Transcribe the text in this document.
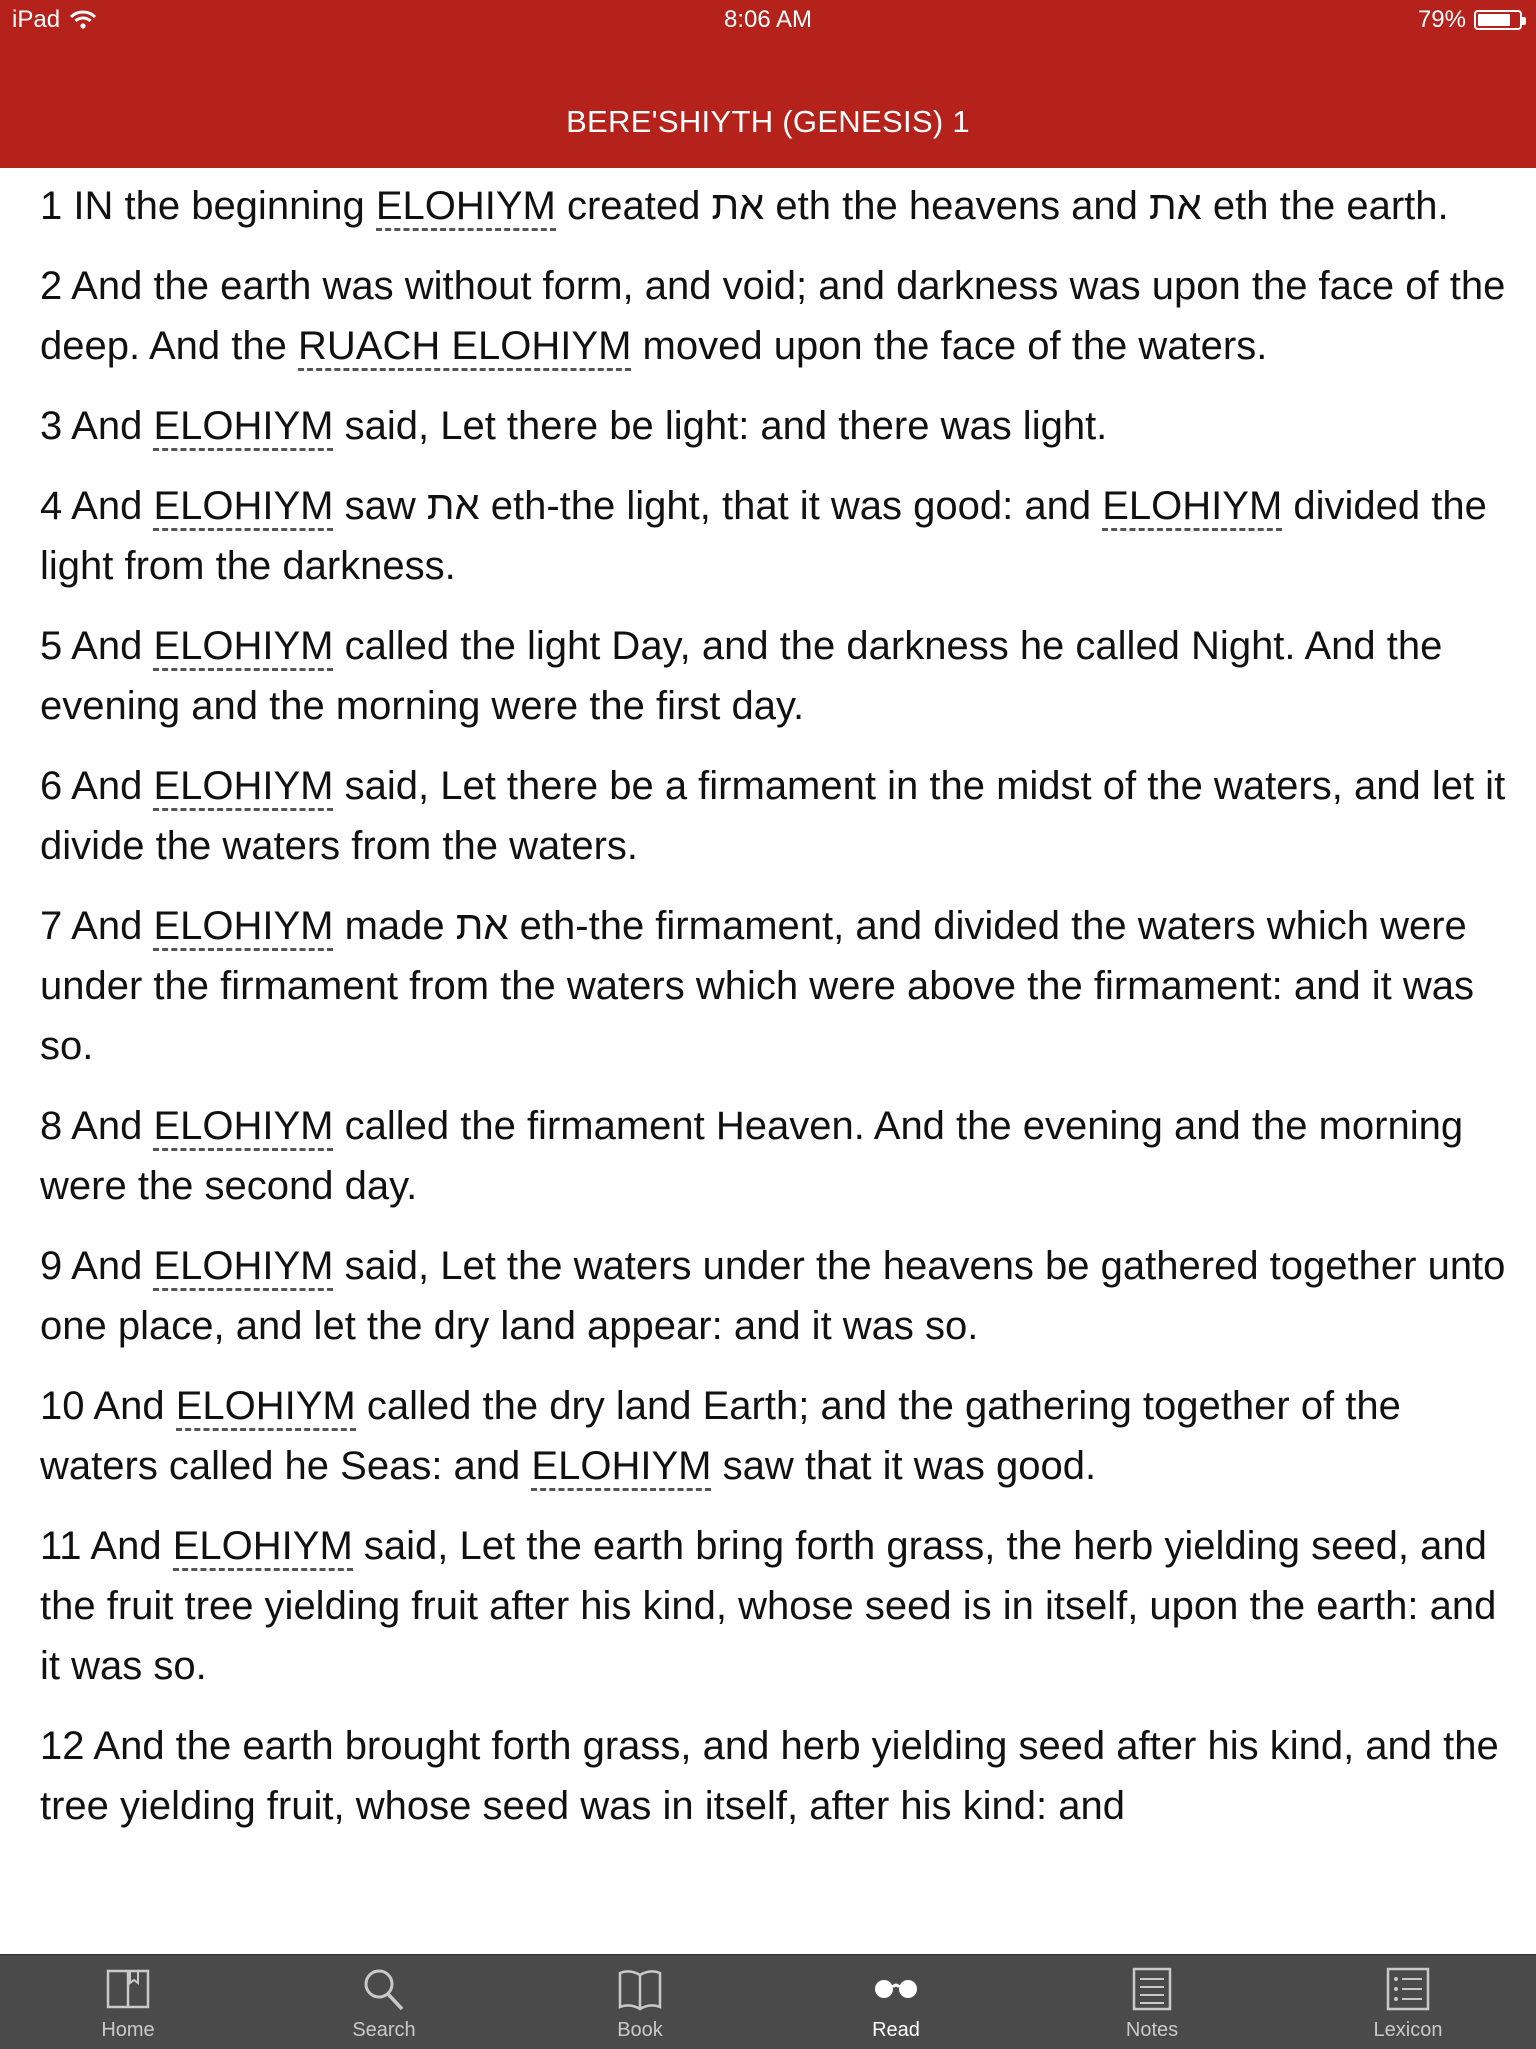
iPad	8:06 AM	79%
BERE'SHIYTH (GENESIS) 1

1 IN the beginning ELOHIYM created את eth the heavens and את eth the earth.

2 And the earth was without form, and void; and darkness was upon the face of the deep. And the RUACH ELOHIYM moved upon the face of the waters.

3 And ELOHIYM said, Let there be light: and there was light.

4 And ELOHIYM saw את eth-the light, that it was good: and ELOHIYM divided the light from the darkness.

5 And ELOHIYM called the light Day, and the darkness he called Night. And the evening and the morning were the first day.

6 And ELOHIYM said, Let there be a firmament in the midst of the waters, and let it divide the waters from the waters.

7 And ELOHIYM made את eth-the firmament, and divided the waters which were under the firmament from the waters which were above the firmament: and it was so.

8 And ELOHIYM called the firmament Heaven. And the evening and the morning were the second day.

9 And ELOHIYM said, Let the waters under the heavens be gathered together unto one place, and let the dry land appear: and it was so.

10 And ELOHIYM called the dry land Earth; and the gathering together of the waters called he Seas: and ELOHIYM saw that it was good.

11 And ELOHIYM said, Let the earth bring forth grass, the herb yielding seed, and the fruit tree yielding fruit after his kind, whose seed is in itself, upon the earth: and it was so.

12 And the earth brought forth grass, and herb yielding seed after his kind, and the tree yielding fruit, whose seed was in itself, after his kind: and

Home	Search	Book	Read	Notes	Lexicon
